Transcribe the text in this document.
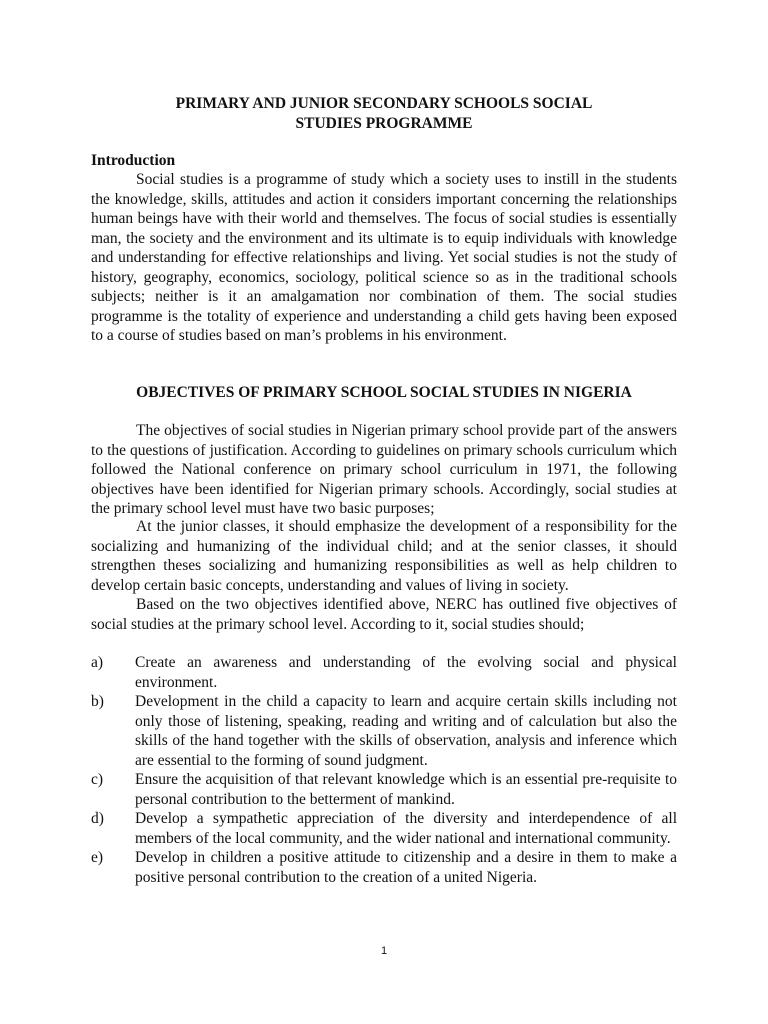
PRIMARY AND JUNIOR SECONDARY SCHOOLS SOCIAL
STUDIES PROGRAMME
Introduction

Social studies is a programme of study which a society uses to instill in the students the knowledge, skills, attitudes and action it considers important concerning the relationships human beings have with their world and themselves. The focus of social studies is essentially man, the society and the environment and its ultimate is to equip individuals with knowledge and understanding for effective relationships and living. Yet social studies is not the study of history, geography, economics, sociology, political science so as in the traditional schools subjects; neither is it an amalgamation nor combination of them. The social studies programme is the totality of experience and understanding a child gets having been exposed to a course of studies based on man’s problems in his environment.

OBJECTIVES OF PRIMARY SCHOOL SOCIAL STUDIES IN NIGERIA

The objectives of social studies in Nigerian primary school provide part of the answers to the questions of justification. According to guidelines on primary schools curriculum which followed the National conference on primary school curriculum in 1971, the following objectives have been identified for Nigerian primary schools. Accordingly, social studies at the primary school level must have two basic purposes;

At the junior classes, it should emphasize the development of a responsibility for the socializing and humanizing of the individual child; and at the senior classes, it should strengthen theses socializing and humanizing responsibilities as well as help children to develop certain basic concepts, understanding and values of living in society.

Based on the two objectives identified above, NERC has outlined five objectives of social studies at the primary school level. According to it, social studies should;

a) Create an awareness and understanding of the evolving social and physical environment.
b) Development in the child a capacity to learn and acquire certain skills including not only those of listening, speaking, reading and writing and of calculation but also the skills of the hand together with the skills of observation, analysis and inference which are essential to the forming of sound judgment.
c) Ensure the acquisition of that relevant knowledge which is an essential pre-requisite to personal contribution to the betterment of mankind.
d) Develop a sympathetic appreciation of the diversity and interdependence of all members of the local community, and the wider national and international community.
e) Develop in children a positive attitude to citizenship and a desire in them to make a positive personal contribution to the creation of a united Nigeria.
1
